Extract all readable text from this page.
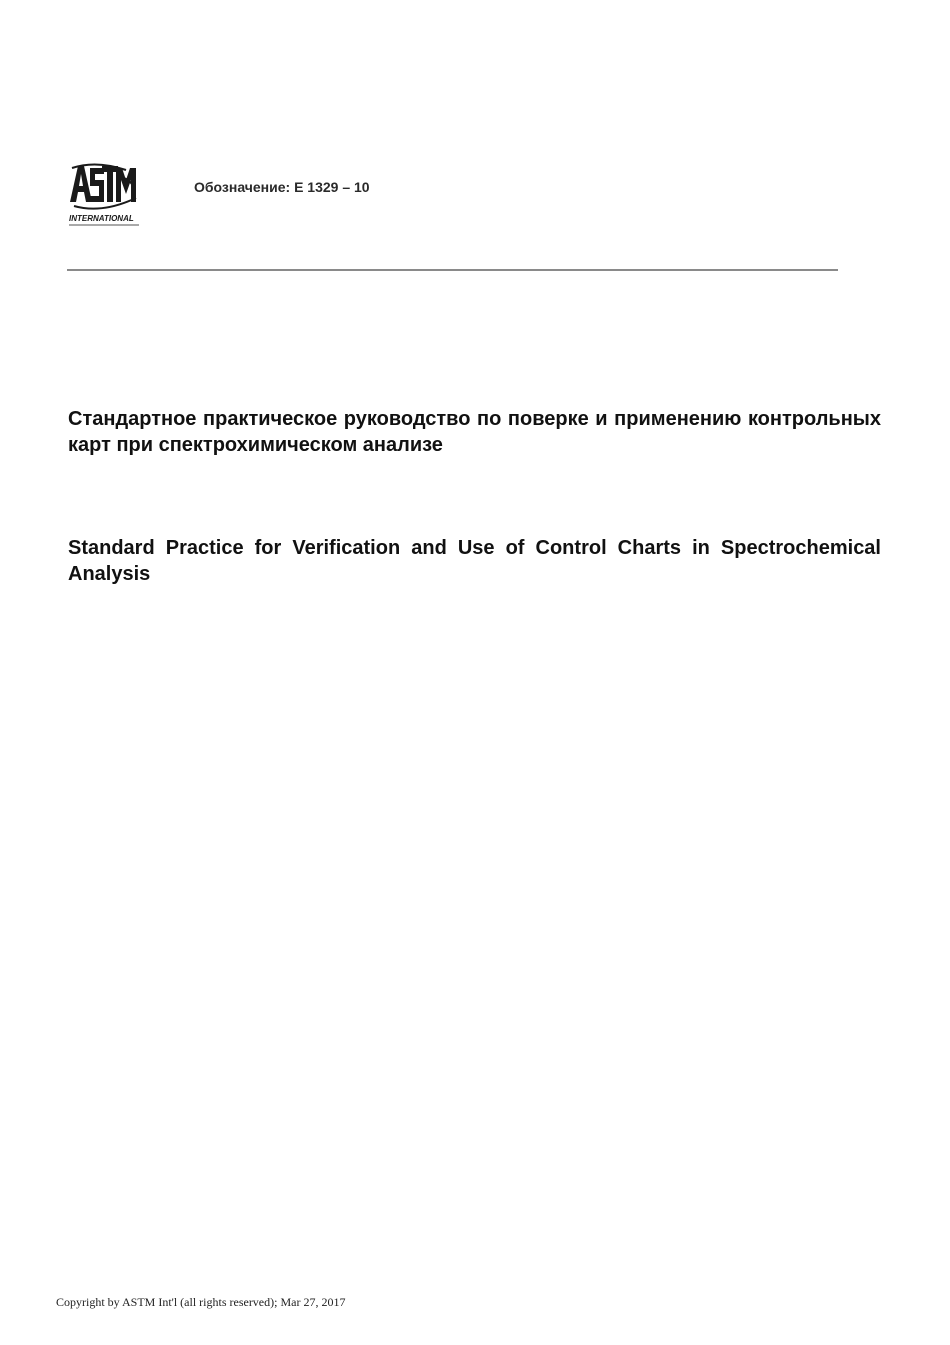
INTERNATIONAL
Обозначение: E 1329 – 10
Стандартное практическое руководство по поверке и применению контрольных карт при спектрохимическом анализе
Standard Practice for Verification and Use of Control Charts in Spectrochemical Analysis
Copyright by ASTM Int'l (all rights reserved); Mar 27, 2017
